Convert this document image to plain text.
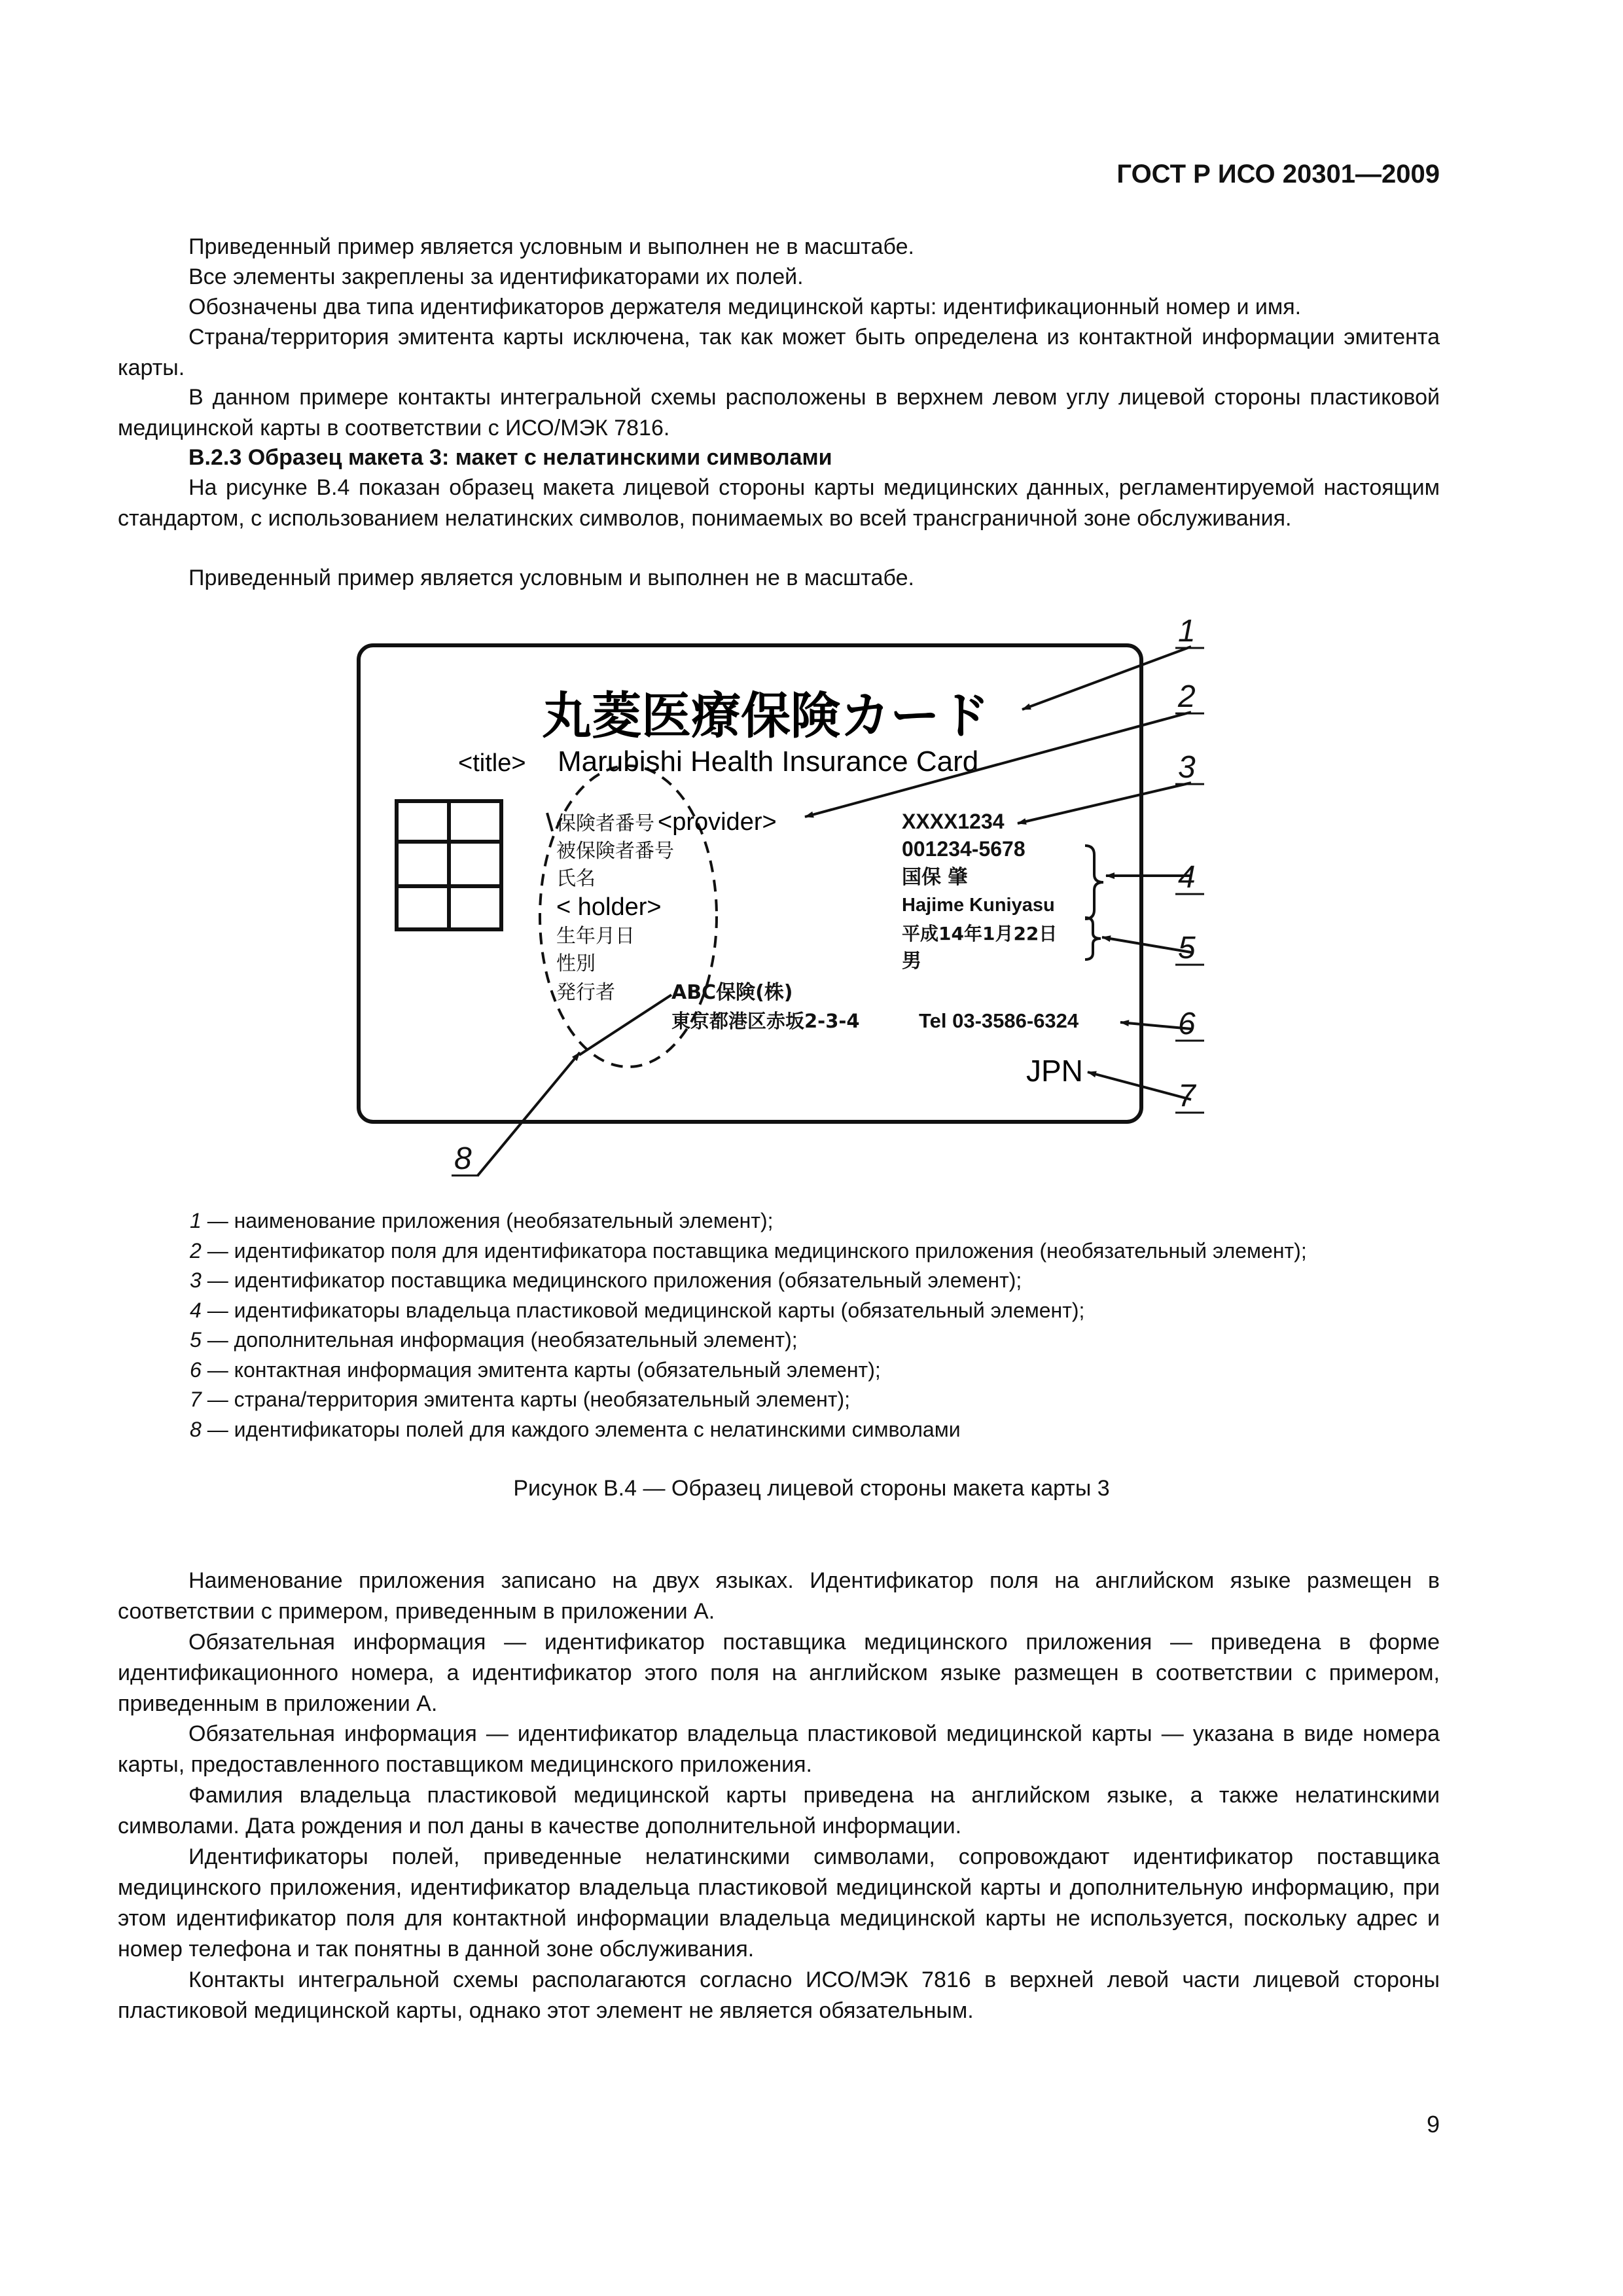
ГОСТ Р ИСО 20301—2009

Приведенный пример является условным и выполнен не в масштабе.

Все элементы закреплены за идентификаторами их полей.

Обозначены два типа идентификаторов держателя медицинской карты: идентификационный номер и имя.

Страна/территория эмитента карты исключена, так как может быть определена из контактной информации эмитента карты.

В данном примере контакты интегральной схемы расположены в верхнем левом углу лицевой стороны пластиковой медицинской карты в соответствии с ИСО/МЭК 7816.

В.2.3 Образец макета 3: макет с нелатинскими символами

На рисунке В.4 показан образец макета лицевой стороны карты медицинских данных, регламентируемой настоящим стандартом, с использованием нелатинских символов, понимаемых во всей трансграничной зоне обслуживания.

Приведенный пример является условным и выполнен не в масштабе.

丸菱医療保険カード
<title> Marubishi Health Insurance Card
保険者番号
被保険者番号
氏名
生年月日
性別
発行者
<provider>
< holder>
XXXX1234
001234-5678
Hajime Kuniyasu
Tel 03-3586-6324
国保 肇
平成14年1月22日
男
ABC保険(株)
東京都港区赤坂2-3-4
JPN
1
2
3
4
5
6
7
8
1 — наименование приложения (необязательный элемент);
2 — идентификатор поля для идентификатора поставщика медицинского приложения (необязательный элемент);
3 — идентификатор поставщика медицинского приложения (обязательный элемент);
4 — идентификаторы владельца пластиковой медицинской карты (обязательный элемент);
5 — дополнительная информация (необязательный элемент);
6 — контактная информация эмитента карты (обязательный элемент);
7 — страна/территория эмитента карты (необязательный элемент);
8 — идентификаторы полей для каждого элемента с нелатинскими символами
Рисунок В.4 — Образец лицевой стороны макета карты 3

Наименование приложения записано на двух языках. Идентификатор поля на английском языке размещен в соответствии с примером, приведенным в приложении А.

Обязательная информация — идентификатор поставщика медицинского приложения — приведена в форме идентификационного номера, а идентификатор этого поля на английском языке размещен в соответствии с примером, приведенным в приложении А.

Обязательная информация — идентификатор владельца пластиковой медицинской карты — указана в виде номера карты, предоставленного поставщиком медицинского приложения.

Фамилия владельца пластиковой медицинской карты приведена на английском языке, а также нелатинскими символами. Дата рождения и пол даны в качестве дополнительной информации.

Идентификаторы полей, приведенные нелатинскими символами, сопровождают идентификатор поставщика медицинского приложения, идентификатор владельца пластиковой медицинской карты и дополнительную информацию, при этом идентификатор поля для контактной информации владельца медицинской карты не используется, поскольку адрес и номер телефона и так понятны в данной зоне обслуживания.

Контакты интегральной схемы располагаются согласно ИСО/МЭК 7816 в верхней левой части лицевой стороны пластиковой медицинской карты, однако этот элемент не является обязательным.

9
